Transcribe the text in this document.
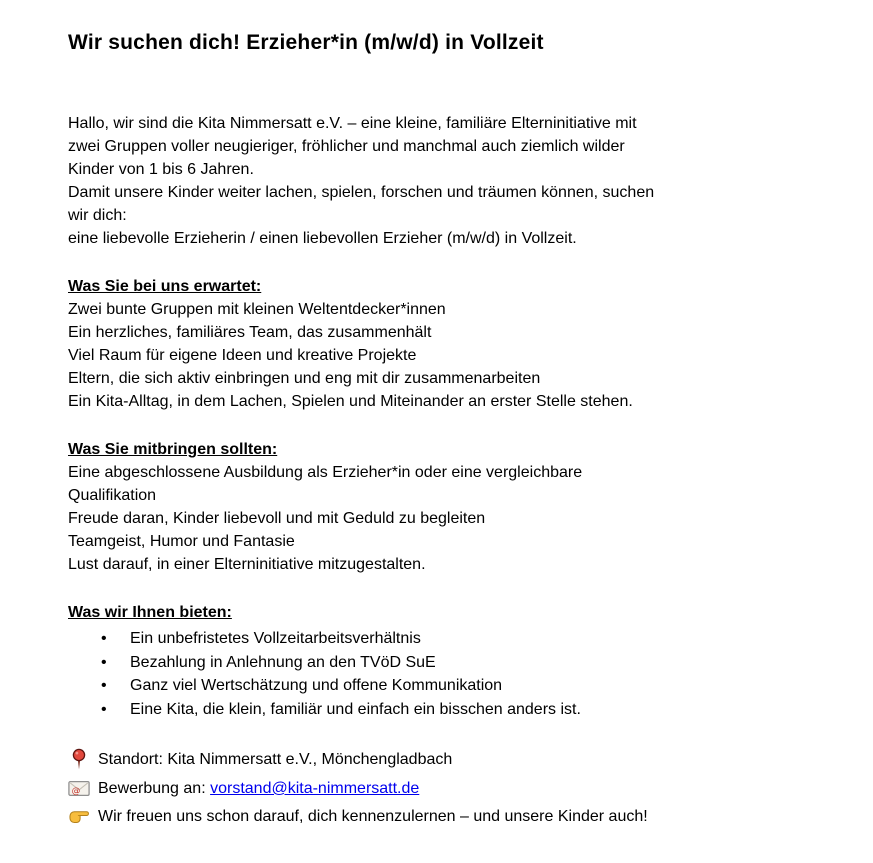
Wir suchen dich! Erzieher*in (m/w/d) in Vollzeit
Hallo, wir sind die Kita Nimmersatt e.V. – eine kleine, familiäre Elterninitiative mit
zwei Gruppen voller neugieriger, fröhlicher und manchmal auch ziemlich wilder
Kinder von 1 bis 6 Jahren.
Damit unsere Kinder weiter lachen, spielen, forschen und träumen können, suchen
wir dich:
eine liebevolle Erzieherin / einen liebevollen Erzieher (m/w/d) in Vollzeit.
Was Sie bei uns erwartet:
Zwei bunte Gruppen mit kleinen Weltentdecker*innen
Ein herzliches, familiäres Team, das zusammenhält
Viel Raum für eigene Ideen und kreative Projekte
Eltern, die sich aktiv einbringen und eng mit dir zusammenarbeiten
Ein Kita-Alltag, in dem Lachen, Spielen und Miteinander an erster Stelle stehen.
Was Sie mitbringen sollten:
Eine abgeschlossene Ausbildung als Erzieher*in oder eine vergleichbare
Qualifikation
Freude daran, Kinder liebevoll und mit Geduld zu begleiten
Teamgeist, Humor und Fantasie
Lust darauf, in einer Elterninitiative mitzugestalten.
Was wir Ihnen bieten:
• Ein unbefristetes Vollzeitarbeitsverhältnis
• Bezahlung in Anlehnung an den TVöD SuE
• Ganz viel Wertschätzung und offene Kommunikation
• Eine Kita, die klein, familiär und einfach ein bisschen anders ist.
Standort: Kita Nimmersatt e.V., Mönchengladbach
@ Bewerbung an:
vorstand@kita-nimmersatt.de
Wir freuen uns schon darauf, dich kennenzulernen – und unsere Kinder auch!
